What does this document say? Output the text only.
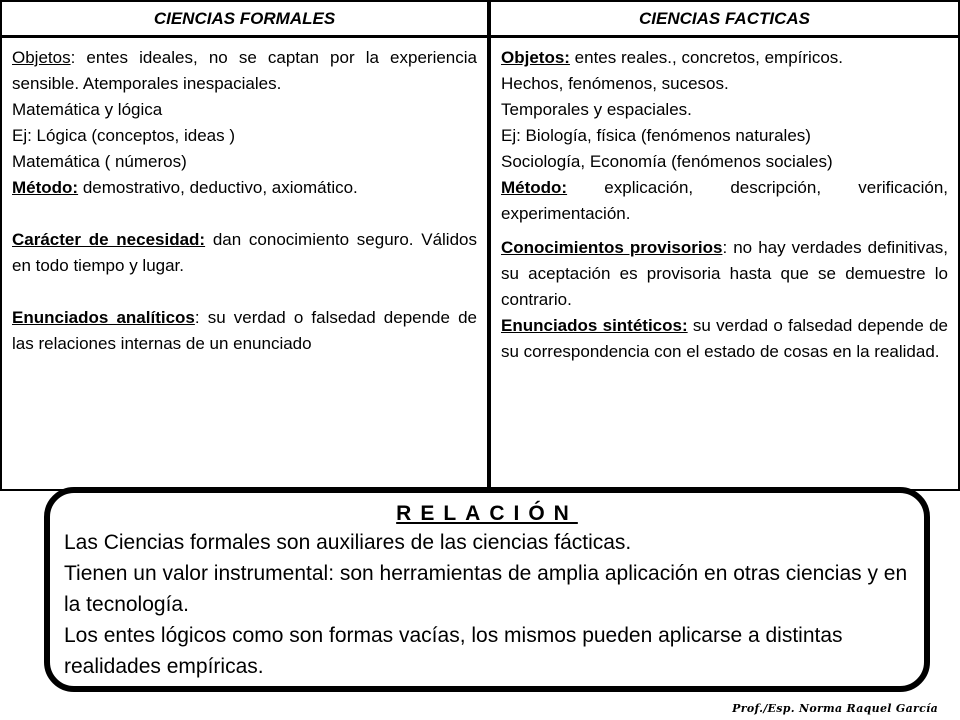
CIENCIAS FORMALES

Objetos: entes ideales, no se captan por la experiencia sensible. Atemporales inespaciales.

Matemática y lógica

Ej: Lógica (conceptos, ideas )

Matemática ( números)

Método: demostrativo, deductivo, axiomático.

Carácter de necesidad: dan conocimiento seguro. Válidos en todo tiempo y lugar.

Enunciados analíticos: su verdad o falsedad depende de las relaciones internas de un enunciado

CIENCIAS FACTICAS

Objetos: entes reales., concretos, empíricos.

Hechos, fenómenos, sucesos.

Temporales y espaciales.

Ej: Biología, física (fenómenos naturales)

Sociología, Economía (fenómenos sociales)

Método: explicación, descripción, verificación, experimentación.

Conocimientos provisorios: no hay verdades definitivas, su aceptación es provisoria hasta que se demuestre lo contrario.

Enunciados sintéticos: su verdad o falsedad depende de su correspondencia con el estado de cosas en la realidad.

RELACIÓN

Las Ciencias formales son auxiliares de las ciencias fácticas.

Tienen un valor instrumental: son herramientas de amplia aplicación en otras ciencias y en la tecnología.

Los entes lógicos como son formas vacías, los mismos pueden aplicarse a distintas realidades empíricas.

Prof./Esp. Norma Raquel García
